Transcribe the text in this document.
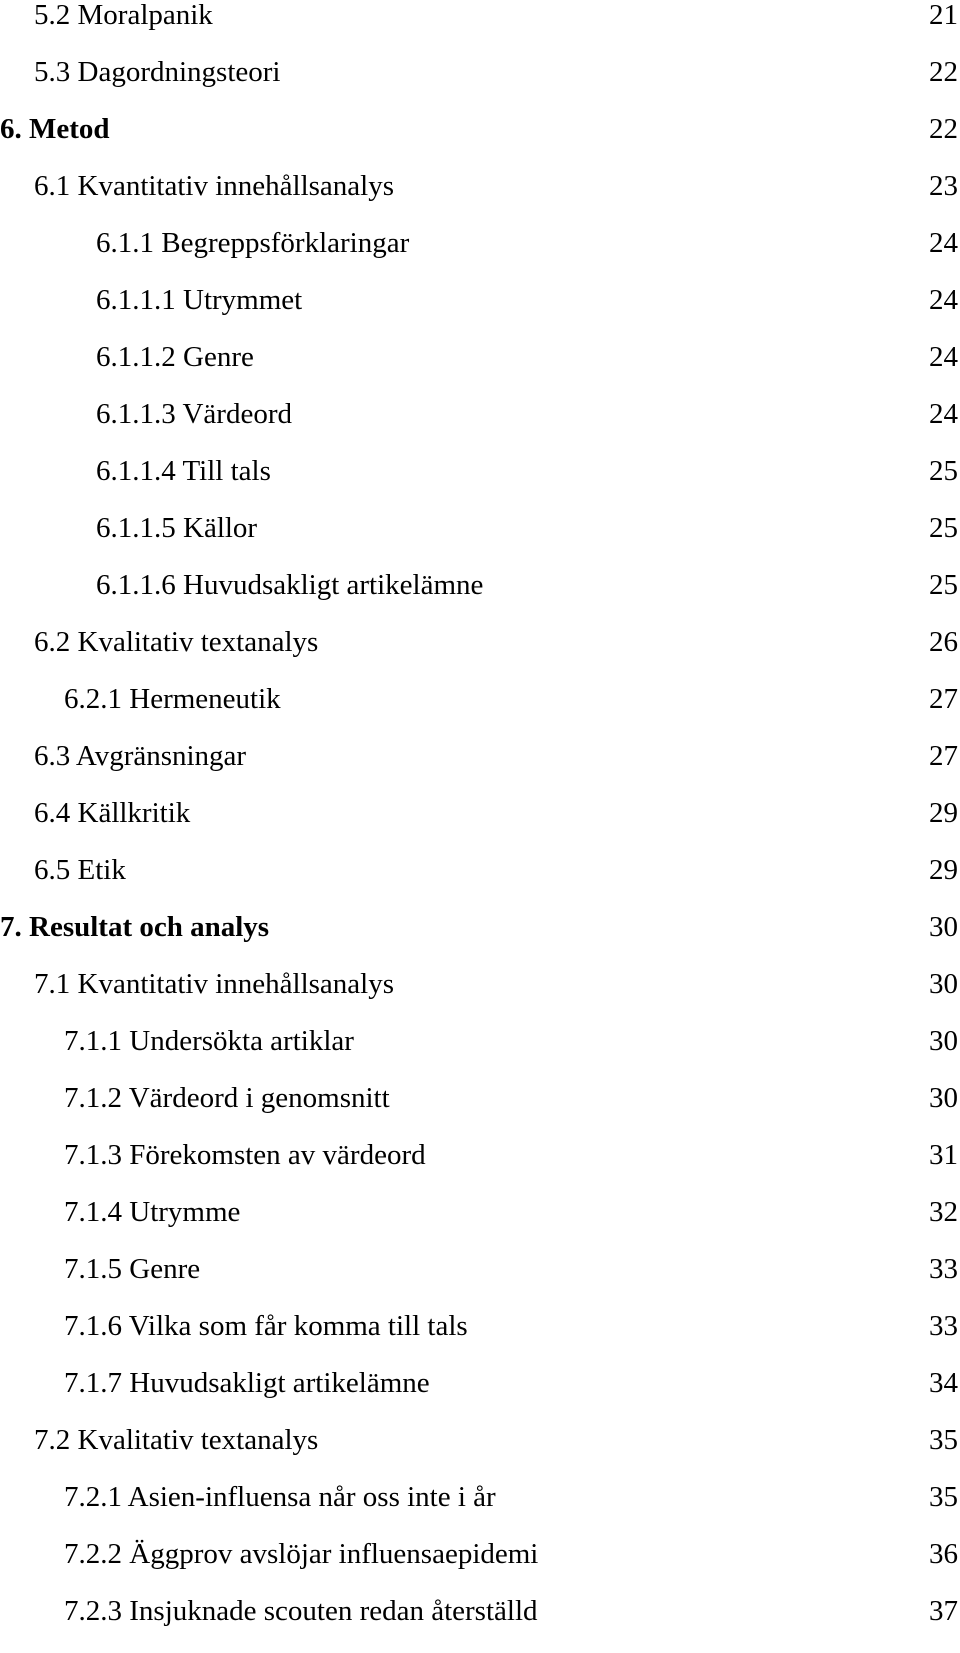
5.2 Moralpanik	21
5.3 Dagordningsteori	22
6. Metod	22
6.1 Kvantitativ innehållsanalys	23
6.1.1 Begreppsförklaringar	24
6.1.1.1 Utrymmet	24
6.1.1.2 Genre	24
6.1.1.3 Värdeord	24
6.1.1.4 Till tals	25
6.1.1.5 Källor	25
6.1.1.6 Huvudsakligt artikelämne	25
6.2 Kvalitativ textanalys	26
6.2.1 Hermeneutik	27
6.3 Avgränsningar	27
6.4 Källkritik	29
6.5 Etik	29
7. Resultat och analys	30
7.1 Kvantitativ innehållsanalys	30
7.1.1 Undersökta artiklar	30
7.1.2 Värdeord i genomsnitt	30
7.1.3 Förekomsten av värdeord	31
7.1.4 Utrymme	32
7.1.5 Genre	33
7.1.6 Vilka som får komma till tals	33
7.1.7 Huvudsakligt artikelämne	34
7.2 Kvalitativ textanalys	35
7.2.1 Asien-influensa når oss inte i år	35
7.2.2 Äggprov avslöjar influensaepidemi	36
7.2.3 Insjuknade scouten redan återställd	37
